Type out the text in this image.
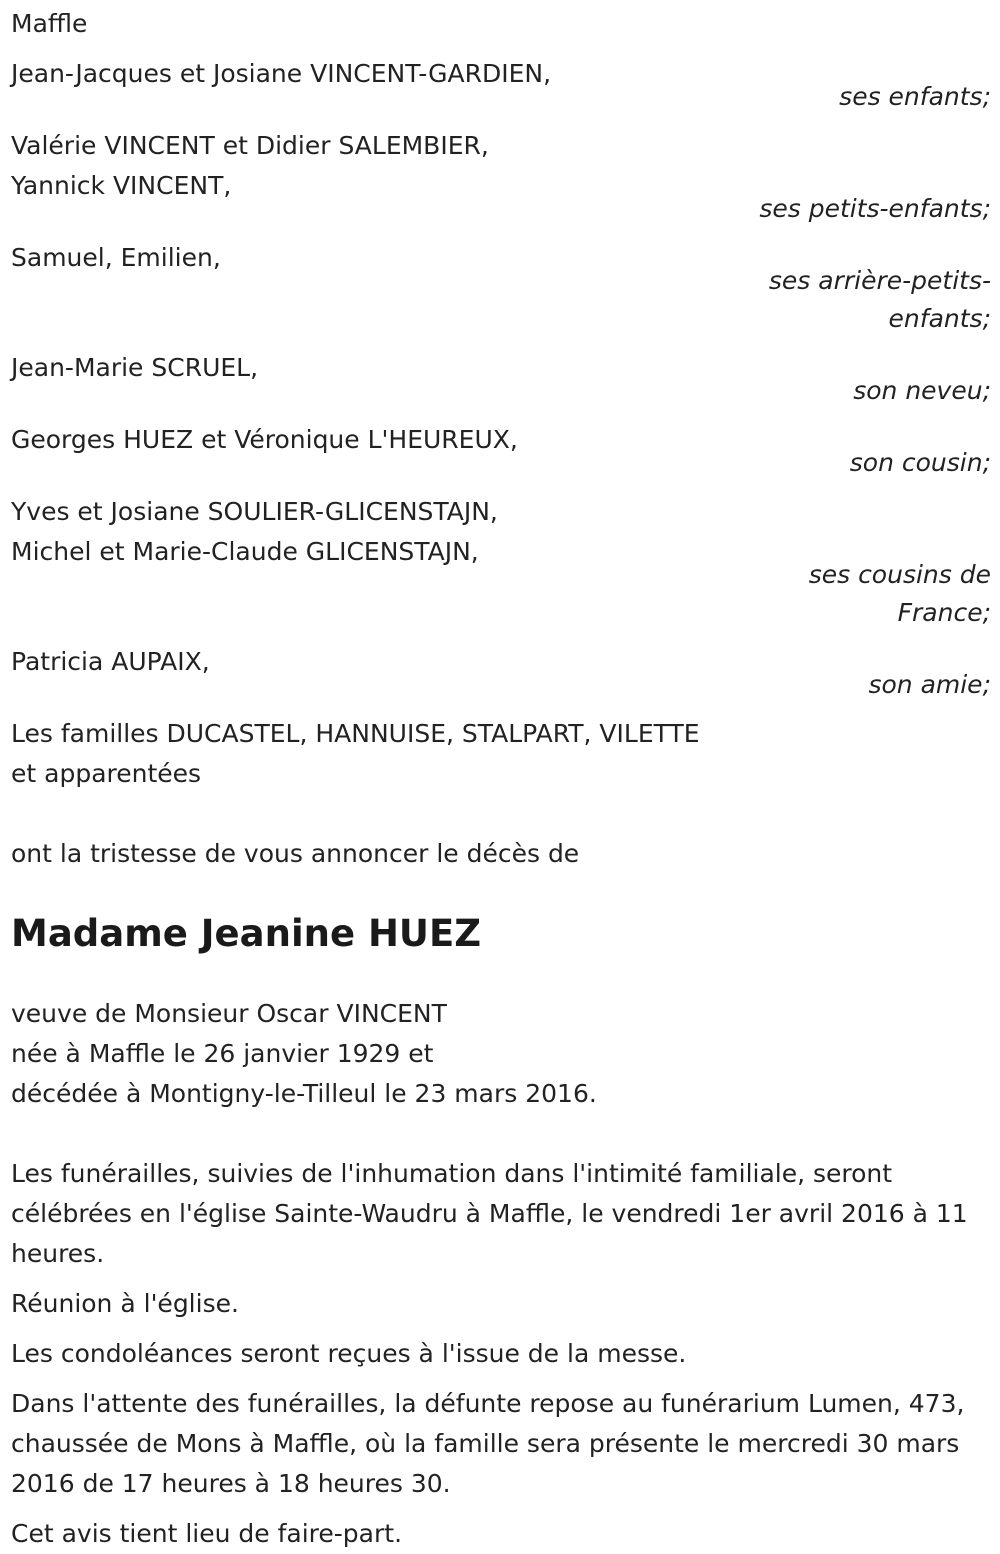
Maffle

Jean-Jacques et Josiane VINCENT-GARDIEN,

ses enfants;

Valérie VINCENT et Didier SALEMBIER,

Yannick VINCENT,

ses petits-enfants;

Samuel, Emilien,

ses arrière-petits-

enfants;

Jean-Marie SCRUEL,

son neveu;

Georges HUEZ et Véronique L'HEUREUX,

son cousin;

Yves et Josiane SOULIER-GLICENSTAJN,

Michel et Marie-Claude GLICENSTAJN,

ses cousins de

France;

Patricia AUPAIX,

son amie;

Les familles DUCASTEL, HANNUISE, STALPART, VILETTE

et apparentées

ont la tristesse de vous annoncer le décès de

Madame Jeanine HUEZ

veuve de Monsieur Oscar VINCENT

née à Maffle le 26 janvier 1929 et

décédée à Montigny-le-Tilleul le 23 mars 2016.

Les funérailles, suivies de l'inhumation dans l'intimité familiale, seront célébrées en l'église Sainte-Waudru à Maffle, le vendredi 1er avril 2016 à 11 heures.

Réunion à l'église.

Les condoléances seront reçues à l'issue de la messe.

Dans l'attente des funérailles, la défunte repose au funérarium Lumen, 473, chaussée de Mons à Maffle, où la famille sera présente le mercredi 30 mars 2016 de 17 heures à 18 heures 30.

Cet avis tient lieu de faire-part.
